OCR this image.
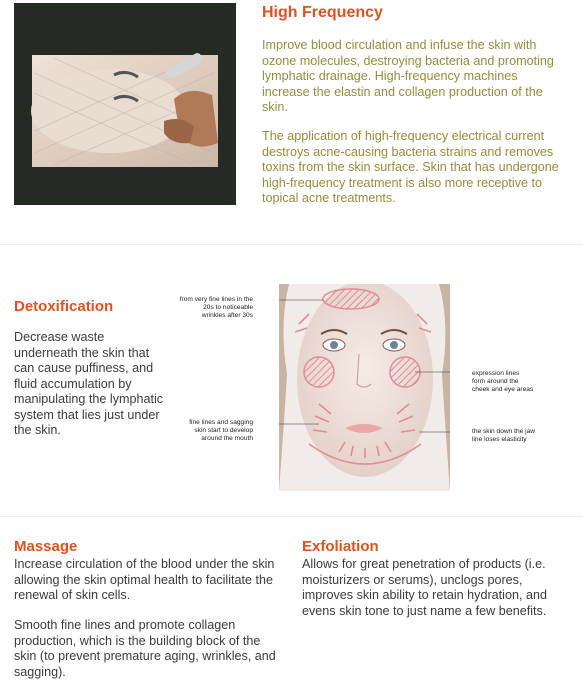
High Frequency
Improve blood circulation and infuse the skin with ozone molecules, destroying bacteria and promoting lymphatic drainage. High-frequency machines increase the elastin and collagen production of the skin.
The application of high-frequency electrical current destroys acne-causing bacteria strains and removes toxins from the skin surface. Skin that has undergone high-frequency treatment is also more receptive to topical acne treatments.
Detoxification
Decrease waste underneath the skin that can cause puffiness, and fluid accumulation by manipulating the lymphatic system that lies just under the skin.
from very fine lines in the 20s to noticeable wrinkles after 30s
fine lines and sagging skin start to develop around the mouth
expression lines form around the cheek and eye areas
the skin down the jaw line loses elasticity
Massage
Increase circulation of the blood under the skin allowing the skin optimal health to facilitate the renewal of skin cells.
Smooth fine lines and promote collagen production, which is the building block of the skin (to prevent premature aging, wrinkles, and sagging).
Exfoliation
Allows for great penetration of products (i.e. moisturizers or serums), unclogs pores, improves skin ability to retain hydration, and evens skin tone to just name a few benefits.
